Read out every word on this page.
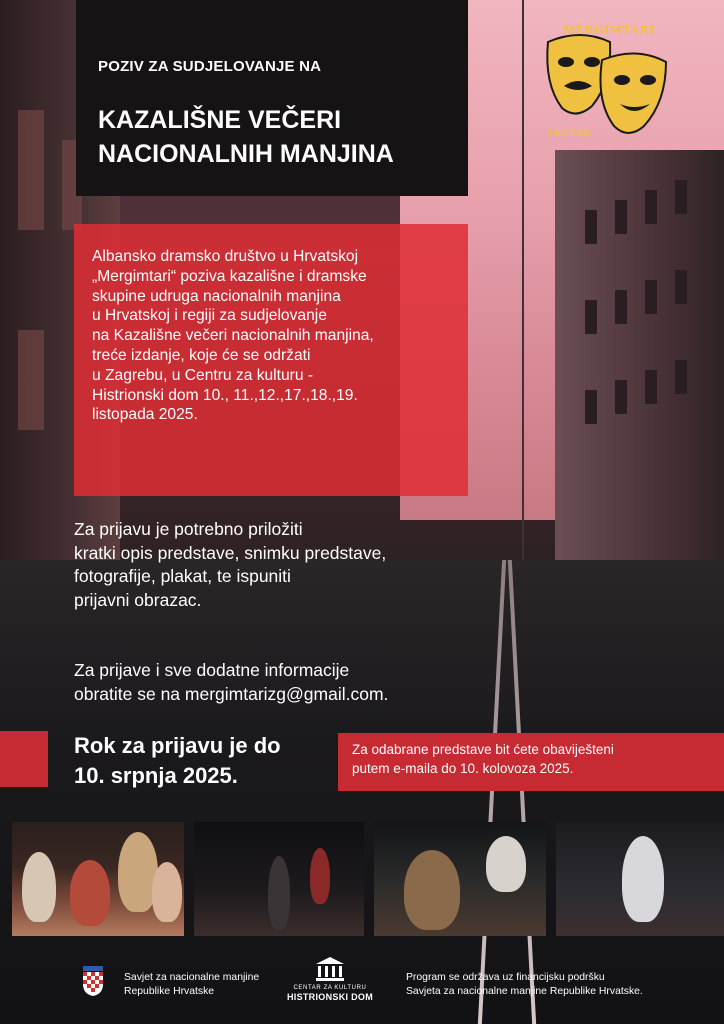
POZIV ZA SUDJELOVANJE NA
KAZALIŠNE VEČERI
NACIONALNIH MANJINA
MËRGIMTARI
TEATAR
Albansko dramsko društvo u Hrvatskoj
„Mergimtari“ poziva kazališne i dramske
skupine udruga nacionalnih manjina
u Hrvatskoj i regiji za sudjelovanje
na Kazališne večeri nacionalnih manjina,
treće izdanje, koje će se održati
u Zagrebu, u Centru za kulturu -
Histrionski dom 10., 11.,12.,17.,18.,19.
listopada 2025.
Za prijavu je potrebno priložiti
kratki opis predstave, snimku predstave,
fotografije, plakat, te ispuniti
prijavni obrazac.
Za prijave i sve dodatne informacije
obratite se na mergimtarizg@gmail.com.
Rok za prijavu je do
10. srpnja 2025.
Za odabrane predstave bit ćete obaviješteni
putem e-maila do 10. kolovoza 2025.
Savjet za nacionalne manjine
Republike Hrvatske	CENTAR ZA KULTURU
HISTRIONSKI DOM
Program se održava uz financijsku podršku
Savjeta za nacionalne manjine Republike Hrvatske.
